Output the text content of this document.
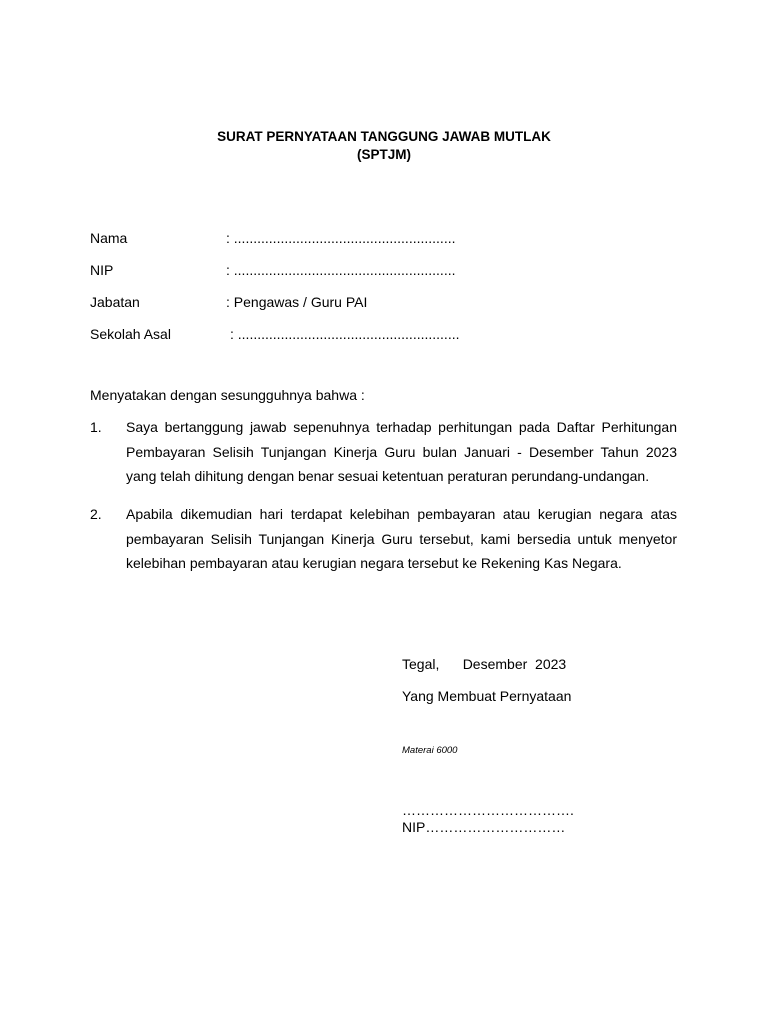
SURAT PERNYATAAN TANGGUNG JAWAB MUTLAK
(SPTJM)
Nama	: .........................................................
NIP	: .........................................................
Jabatan	: Pengawas / Guru PAI
Sekolah Asal	: .........................................................
Menyatakan dengan sesungguhnya bahwa :
1. Saya bertanggung jawab sepenuhnya terhadap perhitungan pada Daftar Perhitungan Pembayaran Selisih Tunjangan Kinerja Guru bulan Januari - Desember Tahun 2023 yang telah dihitung dengan benar sesuai ketentuan peraturan perundang-undangan.
2. Apabila dikemudian hari terdapat kelebihan pembayaran atau kerugian negara atas pembayaran Selisih Tunjangan Kinerja Guru tersebut, kami bersedia untuk menyetor kelebihan pembayaran atau kerugian negara tersebut ke Rekening Kas Negara.
Tegal,      Desember  2023
Yang Membuat Pernyataan
Materai 6000
……………………………….
NIP…………………………
